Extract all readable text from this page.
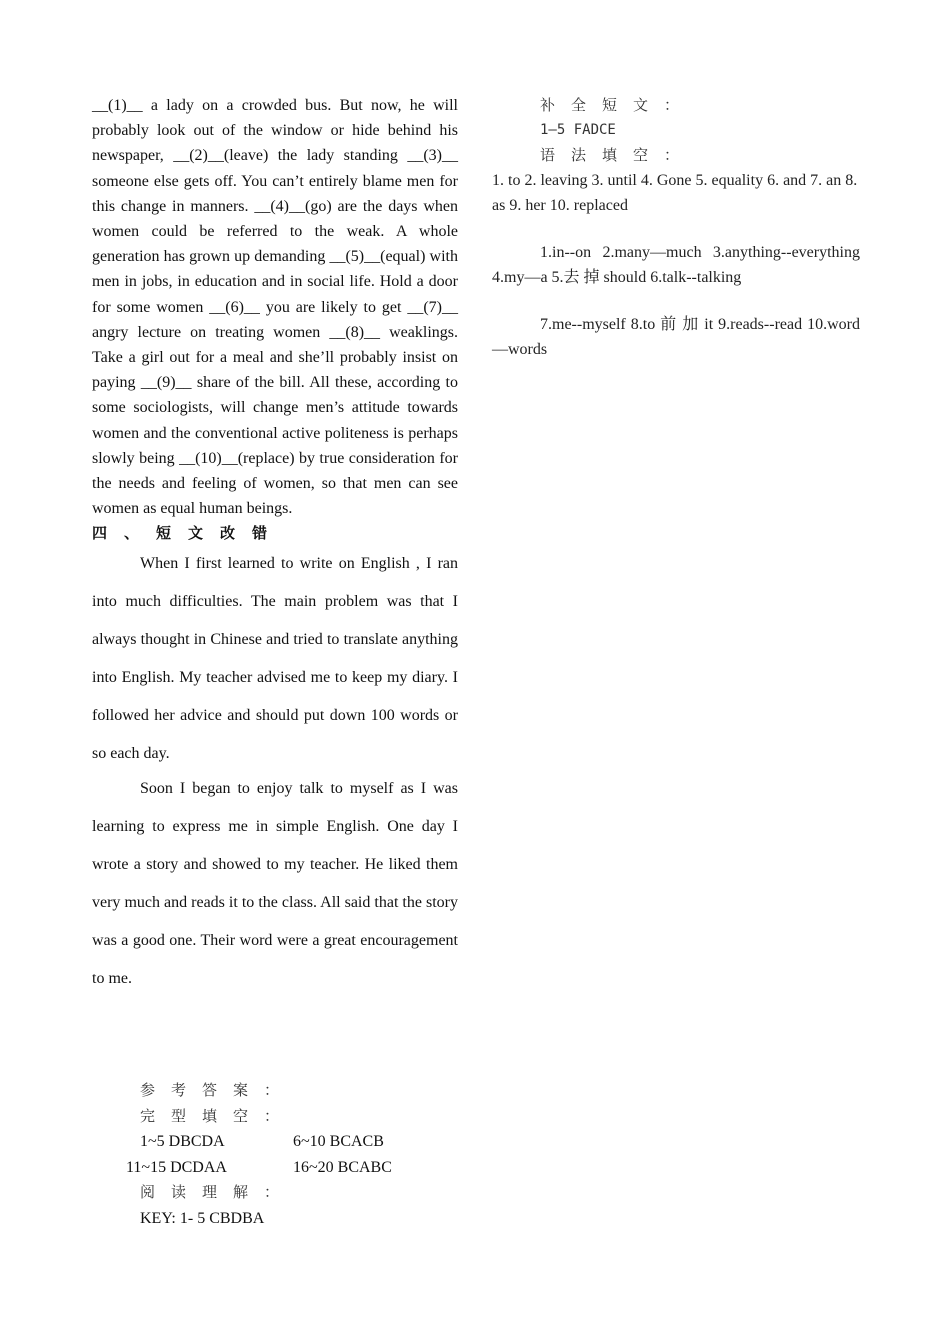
__(1)__ a lady on a crowded bus. But now, he will probably look out of the window or hide behind his newspaper, __(2)__(leave) the lady standing __(3)__ someone else gets off. You can’t entirely blame men for this change in manners. __(4)__(go) are the days when women could be referred to the weak. A whole generation has grown up demanding __(5)__(equal) with men in jobs, in education and in social life. Hold a door for some women __(6)__ you are likely to get __(7)__ angry lecture on treating women __(8)__ weaklings. Take a girl out for a meal and she’ll probably insist on paying __(9)__ share of the bill. All these, according to some sociologists, will change men’s attitude towards women and the conventional active politeness is perhaps slowly being __(10)__(replace) by true consideration for the needs and feeling of women, so that men can see women as equal human beings.

四、短文改错

When I first learned to write on English , I ran into much difficulties. The main problem was that I always thought in Chinese and tried to translate anything into English. My teacher advised me to keep my diary. I followed her advice and should put down 100 words or so each day.

Soon I began to enjoy talk to myself as I was learning to express me in simple English. One day I wrote a story and showed to my teacher. He liked them very much and reads it to the class. All said that the story was a good one. Their word were a great encouragement to me.

补全短文：

1—5 FADCE

语法填空：

1. to 2. leaving 3. until 4. Gone 5. equality 6. and 7. an 8. as 9. her 10. replaced

1.in--on 2.many—much 3.anything--everything 4.my—a 5.去 掉 should 6.talk--talking

7.me--myself 8.to 前 加 it 9.reads--read 10.word—words

参考答案：

完型填空：

1~5 DBCDA	6~10 BCACB
11~15 DCDAA	16~20 BCABC

阅读理解：

KEY: 1- 5 CBDBA
